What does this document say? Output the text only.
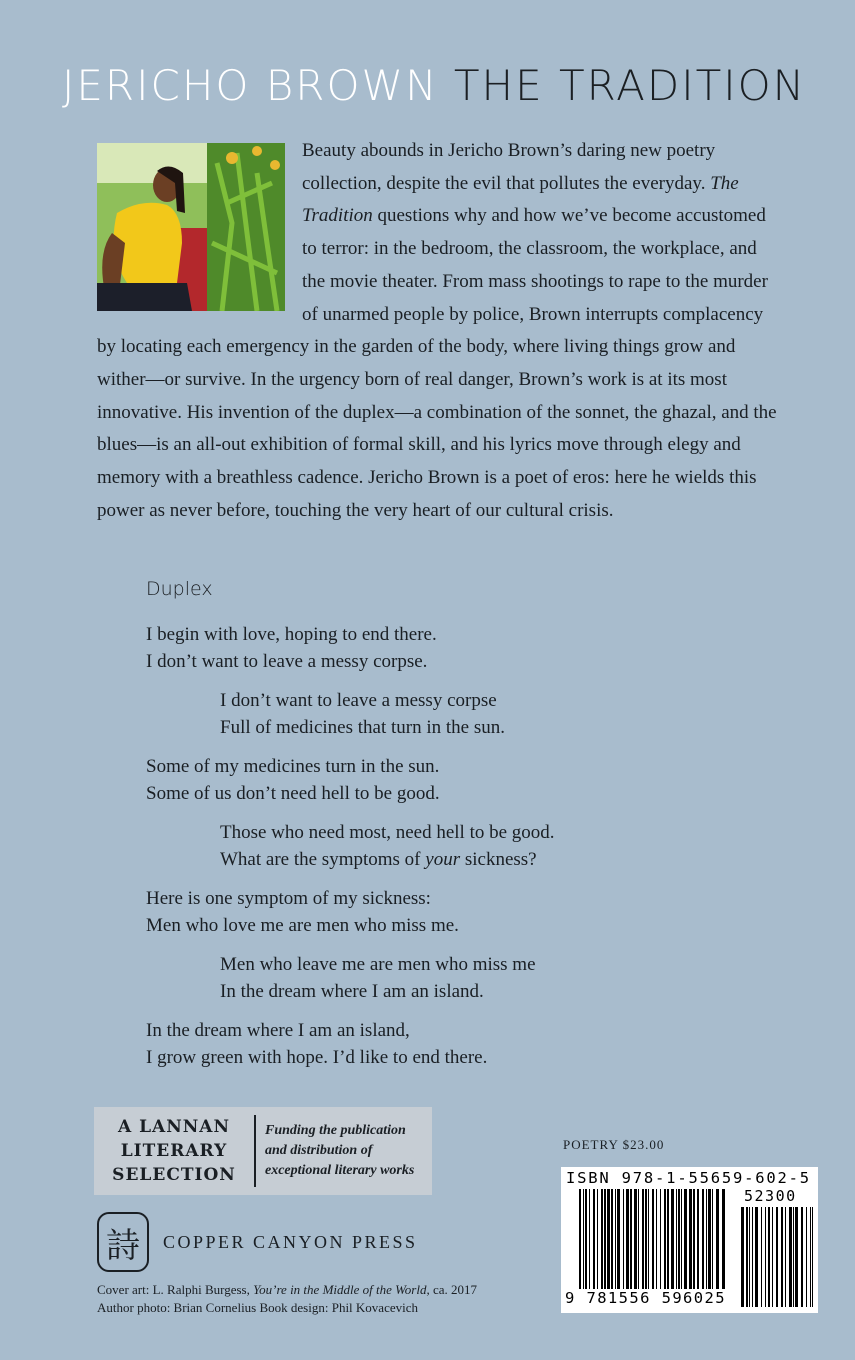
JERICHO BROWN THE TRADITION

Beauty abounds in Jericho Brown’s daring new poetry collection, despite the evil that pollutes the everyday. The Tradition questions why and how we’ve become accustomed to terror: in the bedroom, the classroom, the workplace, and the movie theater. From mass shootings to rape to the murder of unarmed people by police, Brown interrupts complacency by locating each emergency in the garden of the body, where living things grow and wither—or survive. In the urgency born of real danger, Brown’s work is at its most innovative. His invention of the duplex—a combination of the sonnet, the ghazal, and the blues—is an all-out exhibition of formal skill, and his lyrics move through elegy and memory with a breathless cadence. Jericho Brown is a poet of eros: here he wields this power as never before, touching the very heart of our cultural crisis.

Duplex
I begin with love, hoping to end there.
I don’t want to leave a messy corpse.
I don’t want to leave a messy corpse
Full of medicines that turn in the sun.
Some of my medicines turn in the sun.
Some of us don’t need hell to be good.
Those who need most, need hell to be good.
What are the symptoms of your sickness?
Here is one symptom of my sickness:
Men who love me are men who miss me.
Men who leave me are men who miss me
In the dream where I am an island.
In the dream where I am an island,
I grow green with hope. I’d like to end there.
A LANNAN
LITERARY
SELECTION
Funding the publication
and distribution of
exceptional literary works
詩	COPPER CANYON PRESS
Cover art: L. Ralphi Burgess, You’re in the Middle of the World, ca. 2017
Author photo: Brian Cornelius Book design: Phil Kovacevich
POETRY $23.00
ISBN 978-1-55659-602-5
52300
9 781556 596025
